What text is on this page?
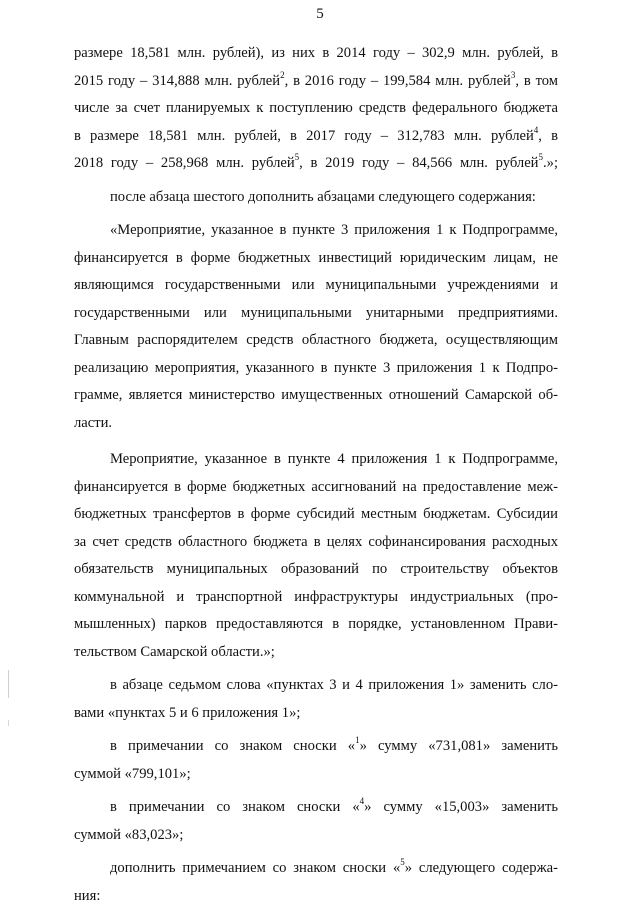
5
размере 18,581 млн. рублей), из них в 2014 году – 302,9 млн. рублей, в
2015 году – 314,888 млн. рублей$^2$, в 2016 году – 199,584 млн. рублей$^3$, в том
числе за счет планируемых к поступлению средств федерального бюджета
в размере 18,581 млн. рублей, в 2017 году – 312,783 млн. рублей$^4$, в
2018 году – 258,968 млн. рублей$^5$, в 2019 году – 84,566 млн. рублей$^5$.»;
после абзаца шестого дополнить абзацами следующего содержания:
«Мероприятие, указанное в пункте 3 приложения 1 к Подпрограмме,
финансируется в форме бюджетных инвестиций юридическим лицам, не
являющимся государственными или муниципальными учреждениями и
государственными или муниципальными унитарными предприятиями.
Главным распорядителем средств областного бюджета, осуществляющим
реализацию мероприятия, указанного в пункте 3 приложения 1 к Подпро-
грамме, является министерство имущественных отношений Самарской об-
ласти.
Мероприятие, указанное в пункте 4 приложения 1 к Подпрограмме,
финансируется в форме бюджетных ассигнований на предоставление меж-
бюджетных трансфертов в форме субсидий местным бюджетам. Субсидии
за счет средств областного бюджета в целях софинансирования расходных
обязательств муниципальных образований по строительству объектов
коммунальной и транспортной инфраструктуры индустриальных (про-
мышленных) парков предоставляются в порядке, установленном Прави-
тельством Самарской области.»;
в абзаце седьмом слова «пунктах 3 и 4 приложения 1» заменить сло-
вами «пунктах 5 и 6 приложения 1»;
в примечании со знаком сноски «$^1$» сумму «731,081» заменить
суммой «799,101»;
в примечании со знаком сноски «$^4$» сумму «15,003» заменить
суммой «83,023»;
дополнить примечанием со знаком сноски «$^5$» следующего содержа-
ния:
